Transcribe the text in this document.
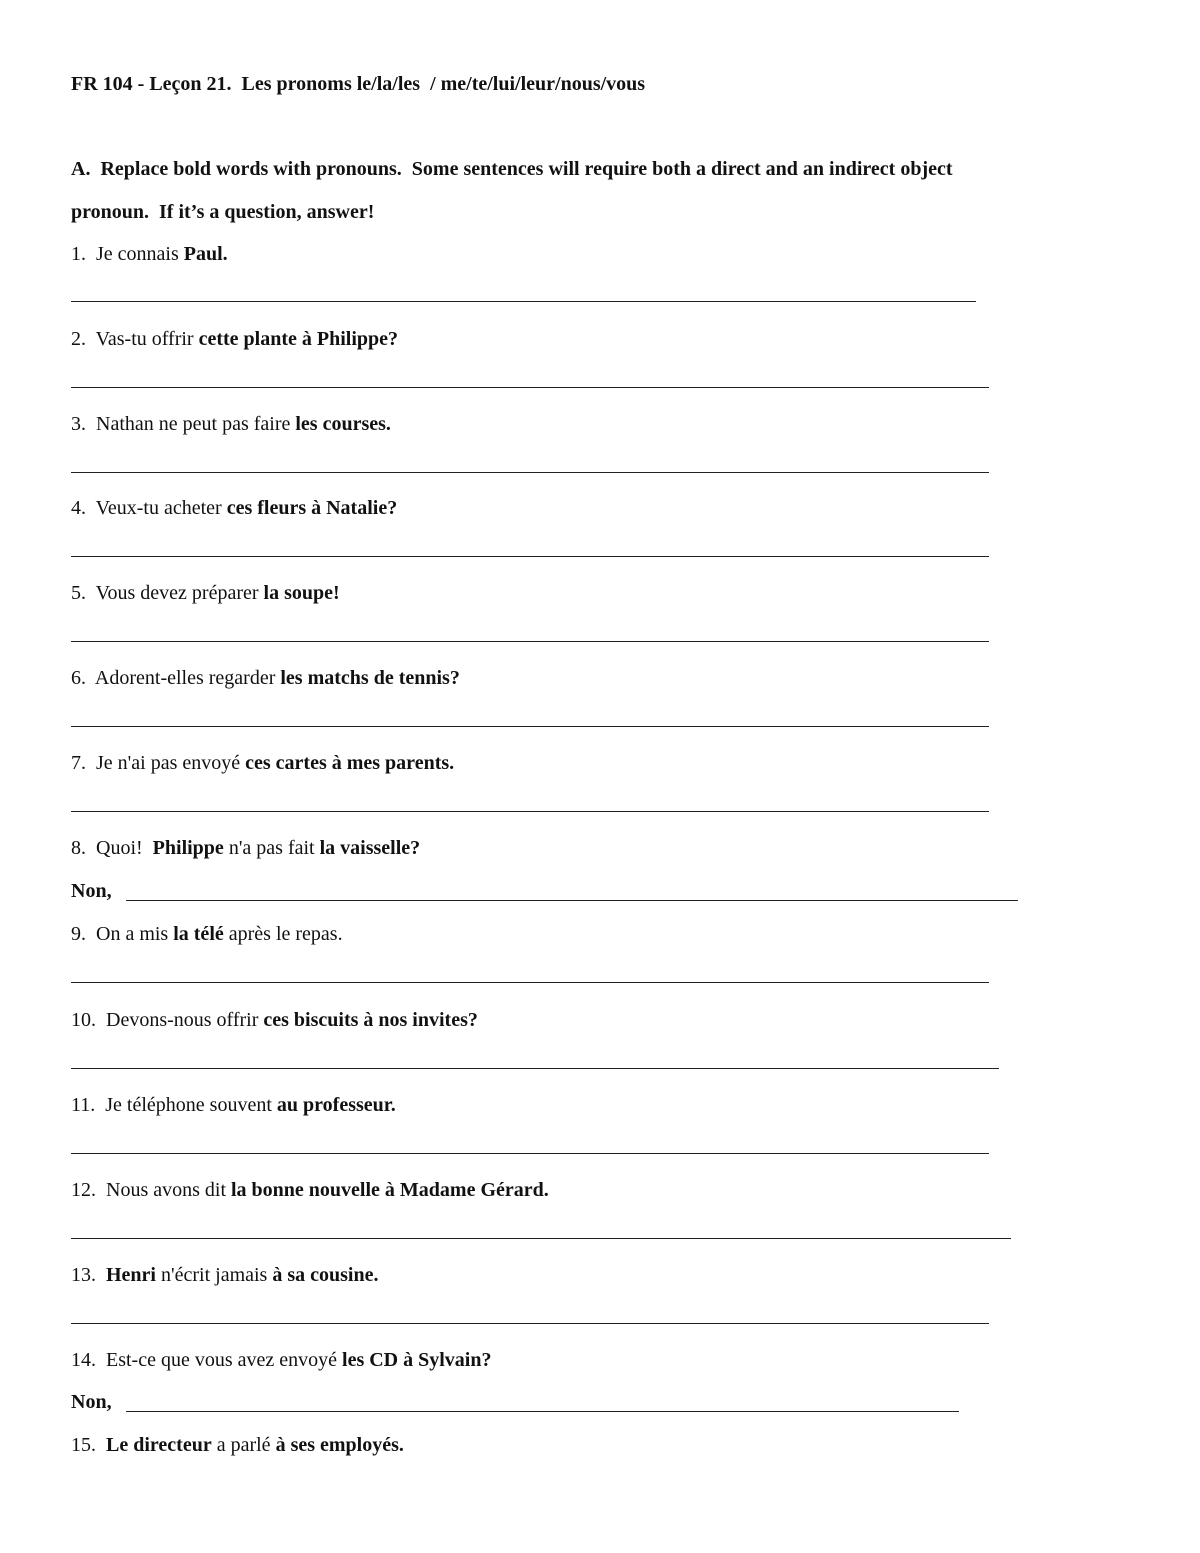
FR 104 - Leçon 21.  Les pronoms le/la/les  / me/te/lui/leur/nous/vous
A.  Replace bold words with pronouns.  Some sentences will require both a direct and an indirect object
pronoun.  If it’s a question, answer!
1.  Je connais Paul.
2.  Vas-tu offrir cette plante à Philippe?
3.  Nathan ne peut pas faire les courses.
4.  Veux-tu acheter ces fleurs à Natalie?
5.  Vous devez préparer la soupe!
6.  Adorent-elles regarder les matchs de tennis?
7.  Je n'ai pas envoyé ces cartes à mes parents.
8.  Quoi!  Philippe n'a pas fait la vaisselle?
Non,
9.  On a mis la télé après le repas.
10.  Devons-nous offrir ces biscuits à nos invites?
11.  Je téléphone souvent au professeur.
12.  Nous avons dit la bonne nouvelle à Madame Gérard.
13.  Henri n'écrit jamais à sa cousine.
14.  Est-ce que vous avez envoyé les CD à Sylvain?
Non,
15.  Le directeur a parlé à ses employés.
